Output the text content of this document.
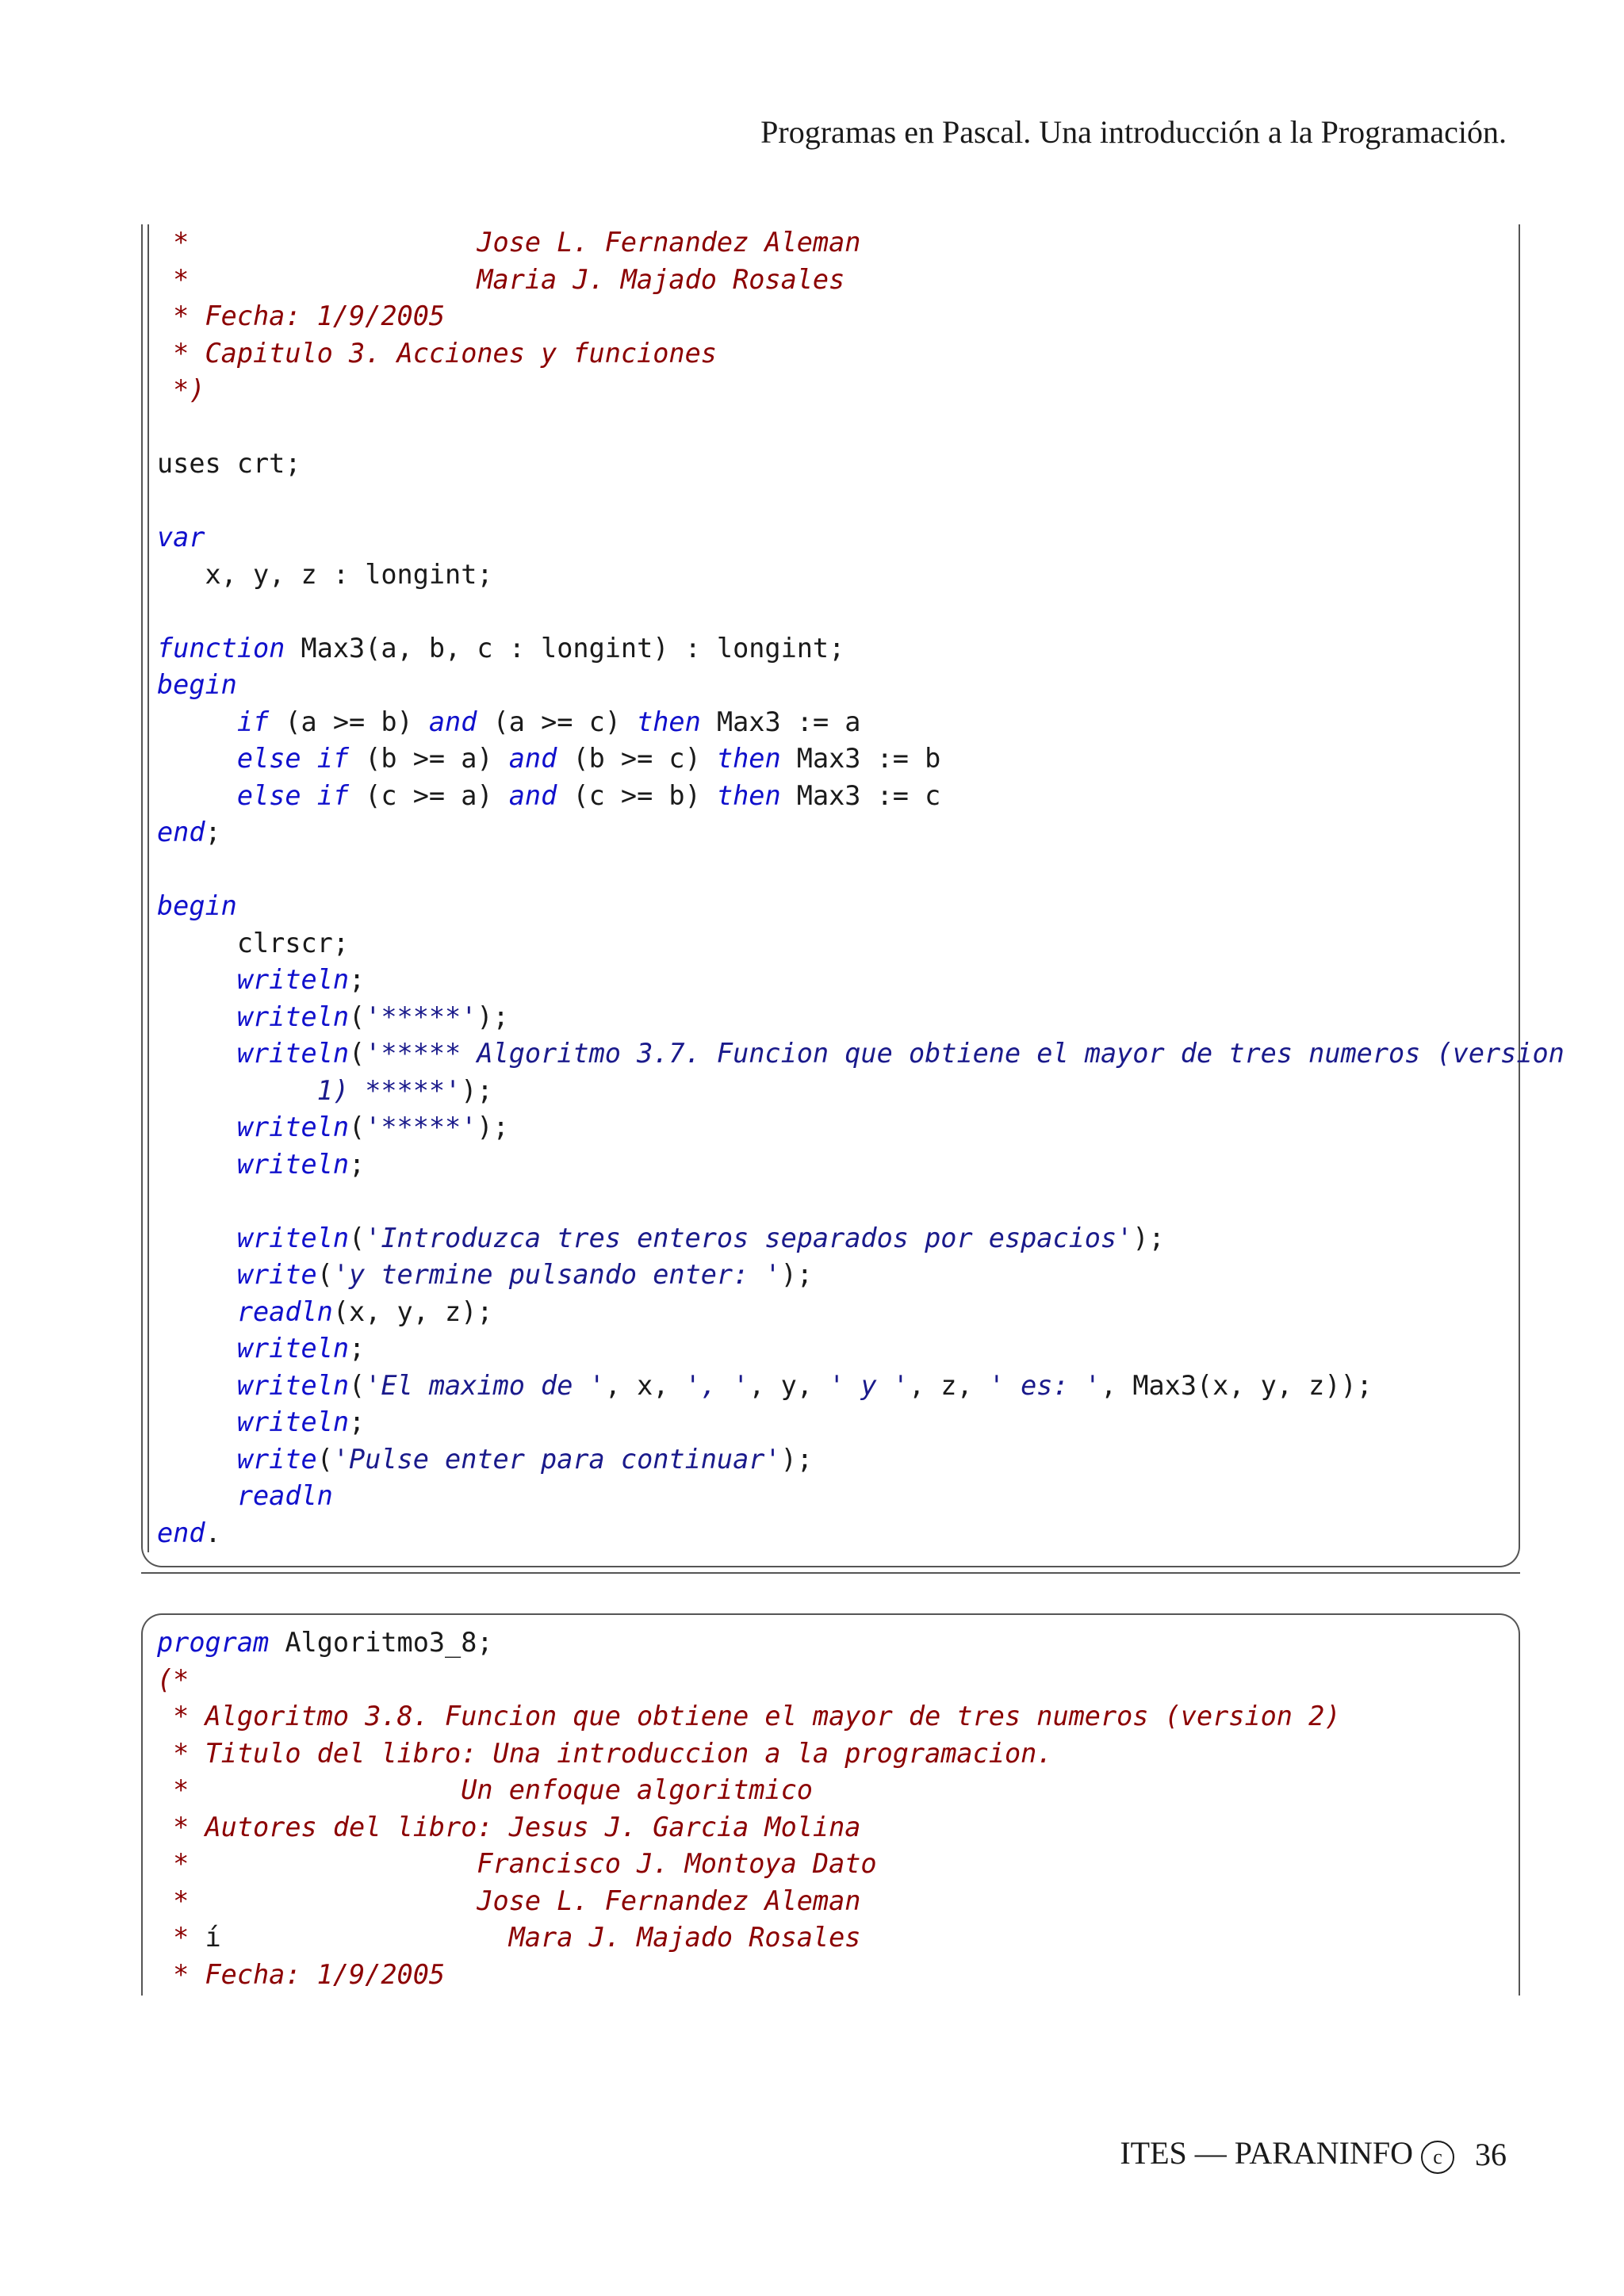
Programas en Pascal. Una introducción a la Programación.
*                  Jose L. Fernandez Aleman
*                  Maria J. Majado Rosales
* Fecha: 1/9/2005
* Capitulo 3. Acciones y funciones
*)
uses crt;
var
x, y, z : longint;
function Max3(a, b, c : longint) : longint;
begin
if (a >= b) and (a >= c) then Max3 := a
else if (b >= a) and (b >= c) then Max3 := b
else if (c >= a) and (c >= b) then Max3 := c
end;
begin
clrscr;
writeln;
writeln('*****');
writeln('***** Algoritmo 3.7. Funcion que obtiene el mayor de tres numeros (version
1) *****');
writeln('*****');
writeln;
writeln('Introduzca tres enteros separados por espacios');
write('y termine pulsando enter: ');
readln(x, y, z);
writeln;
writeln('El maximo de ', x, ', ', y, ' y ', z, ' es: ', Max3(x, y, z));
writeln;
write('Pulse enter para continuar');
readln
end.
program Algoritmo3_8;
(*
* Algoritmo 3.8. Funcion que obtiene el mayor de tres numeros (version 2)
* Titulo del libro: Una introduccion a la programacion.
*                 Un enfoque algoritmico
* Autores del libro: Jesus J. Garcia Molina
*                  Francisco J. Montoya Dato
*                  Jose L. Fernandez Aleman
* í                  Mara J. Majado Rosales
* Fecha: 1/9/2005
ITES — PARANINFO c	36
